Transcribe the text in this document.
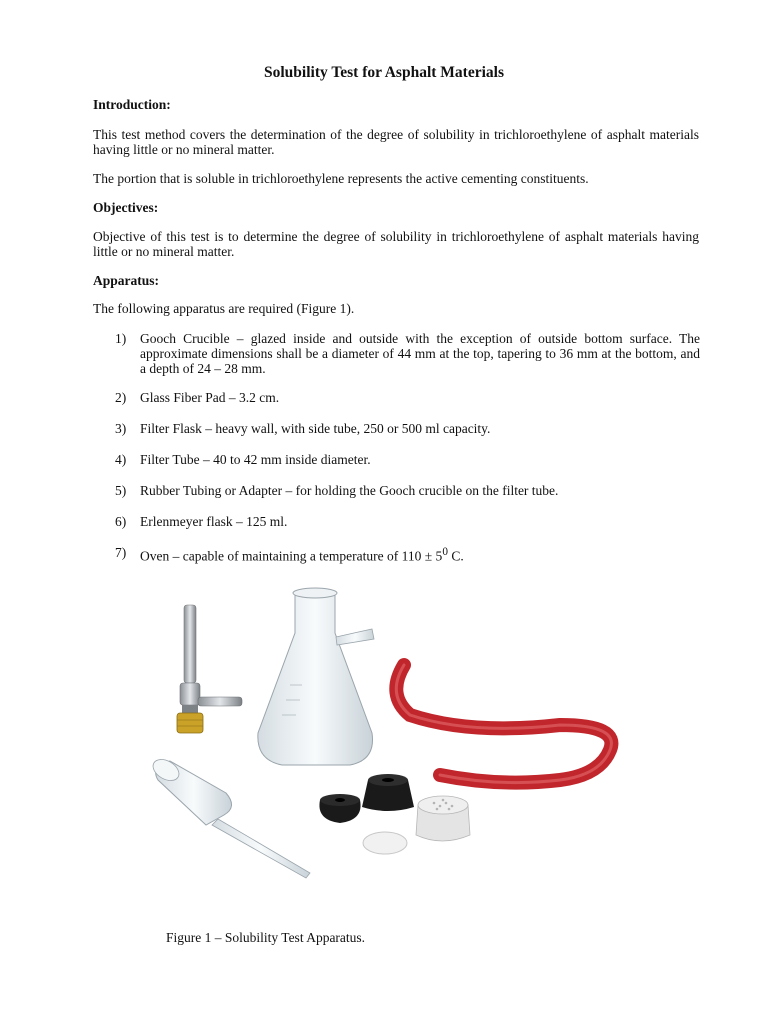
Solubility Test for Asphalt Materials

Introduction:

This test method covers the determination of the degree of solubility in trichloroethylene of asphalt materials having little or no mineral matter.

The portion that is soluble in trichloroethylene represents the active cementing constituents.

Objectives:

Objective of this test is to determine the degree of solubility in trichloroethylene of asphalt materials having little or no mineral matter.

Apparatus:

The following apparatus are required (Figure 1).

1) Gooch Crucible – glazed inside and outside with the exception of outside bottom surface. The approximate dimensions shall be a diameter of 44 mm at the top, tapering to 36 mm at the bottom, and a depth of 24 – 28 mm.
2) Glass Fiber Pad – 3.2 cm.
3) Filter Flask – heavy wall, with side tube, 250 or 500 ml capacity.
4) Filter Tube – 40 to 42 mm inside diameter.
5) Rubber Tubing or Adapter – for holding the Gooch crucible on the filter tube.
6) Erlenmeyer flask – 125 ml.
7) Oven – capable of maintaining a temperature of $110 \pm 5^0$ C.

Figure 1 – Solubility Test Apparatus.
